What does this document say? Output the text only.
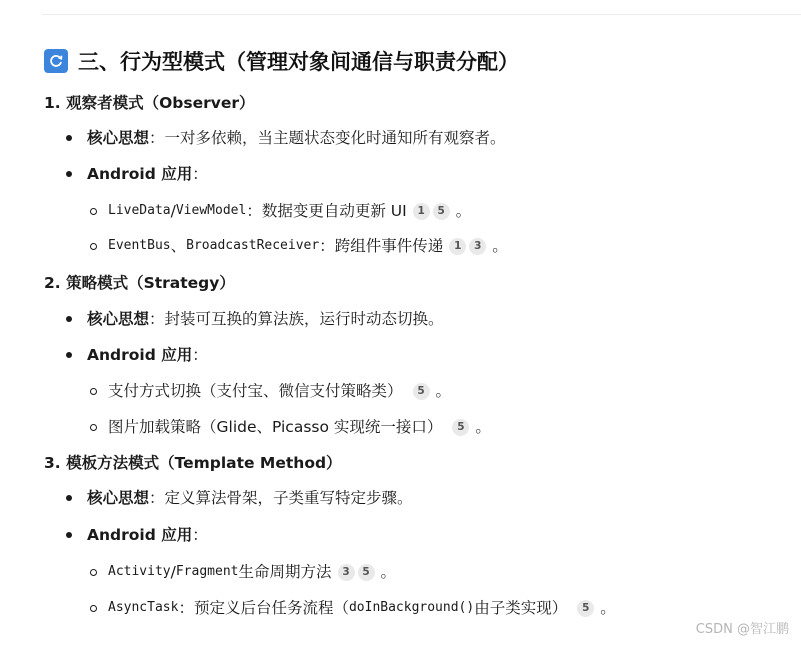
三、行为型模式（管理对象间通信与职责分配）
1. 观察者模式（Observer）
核心思想 ：一对多依赖，当主题状态变化时通知所有观察者。
Android 应用 ：
LiveData / ViewModel ：数据变更自动更新 UI	1	5 。
EventBus 、 BroadcastReceiver ：跨组件事件传递	1	3 。
2. 策略模式（Strategy）
核心思想 ：封装可互换的算法族，运行时动态切换。
Android 应用 ：
支付方式切换（支付宝、微信支付策略类）	5 。
图片加载策略（Glide、Picasso 实现统一接口）	5 。
3. 模板方法模式（Template Method）
核心思想 ：定义算法骨架，子类重写特定步骤。
Android 应用 ：
Activity / Fragment 生命周期方法	3	5 。
AsyncTask ：预定义后台任务流程（ doInBackground() 由子类实现）	5 。
CSDN @智江鹏
